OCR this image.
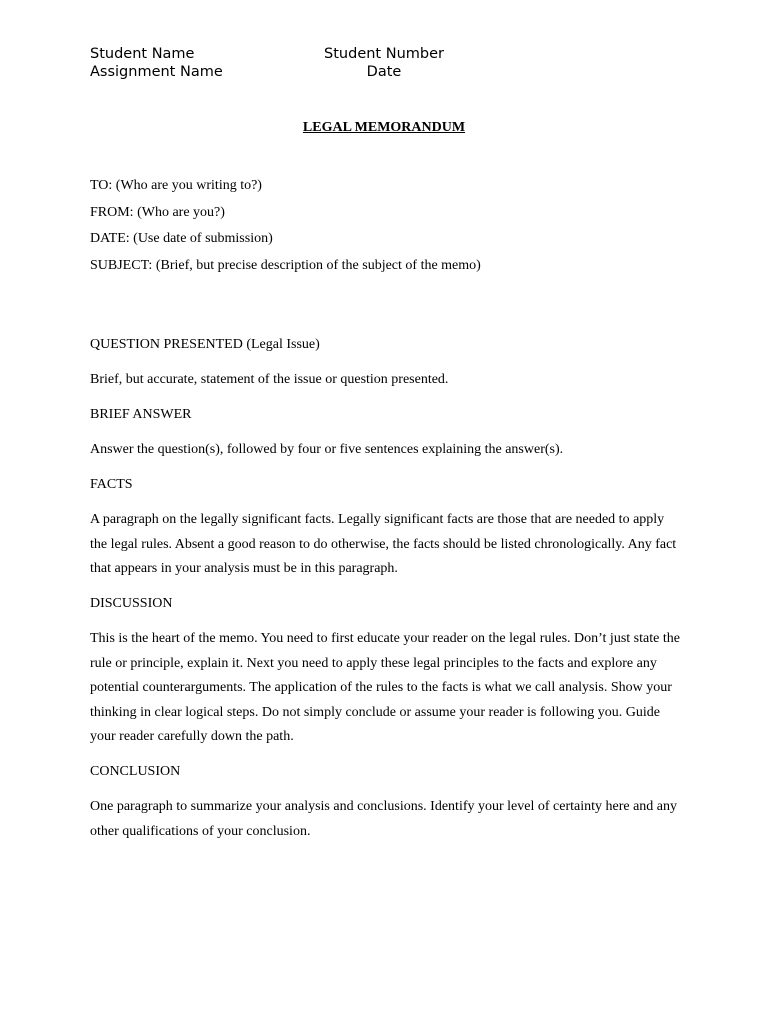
Student Name	Student Number
Assignment Name	Date
LEGAL MEMORANDUM
TO: (Who are you writing to?)
FROM: (Who are you?)
DATE: (Use date of submission)
SUBJECT: (Brief, but precise description of the subject of the memo)

QUESTION PRESENTED (Legal Issue)

Brief, but accurate, statement of the issue or question presented.

BRIEF ANSWER

Answer the question(s), followed by four or five sentences explaining the answer(s).

FACTS

A paragraph on the legally significant facts. Legally significant facts are those that are needed to apply the legal rules. Absent a good reason to do otherwise, the facts should be listed chronologically. Any fact that appears in your analysis must be in this paragraph.

DISCUSSION

This is the heart of the memo. You need to first educate your reader on the legal rules. Don’t just state the rule or principle, explain it. Next you need to apply these legal principles to the facts and explore any potential counterarguments. The application of the rules to the facts is what we call analysis. Show your thinking in clear logical steps. Do not simply conclude or assume your reader is following you. Guide your reader carefully down the path.

CONCLUSION

One paragraph to summarize your analysis and conclusions. Identify your level of certainty here and any other qualifications of your conclusion.
